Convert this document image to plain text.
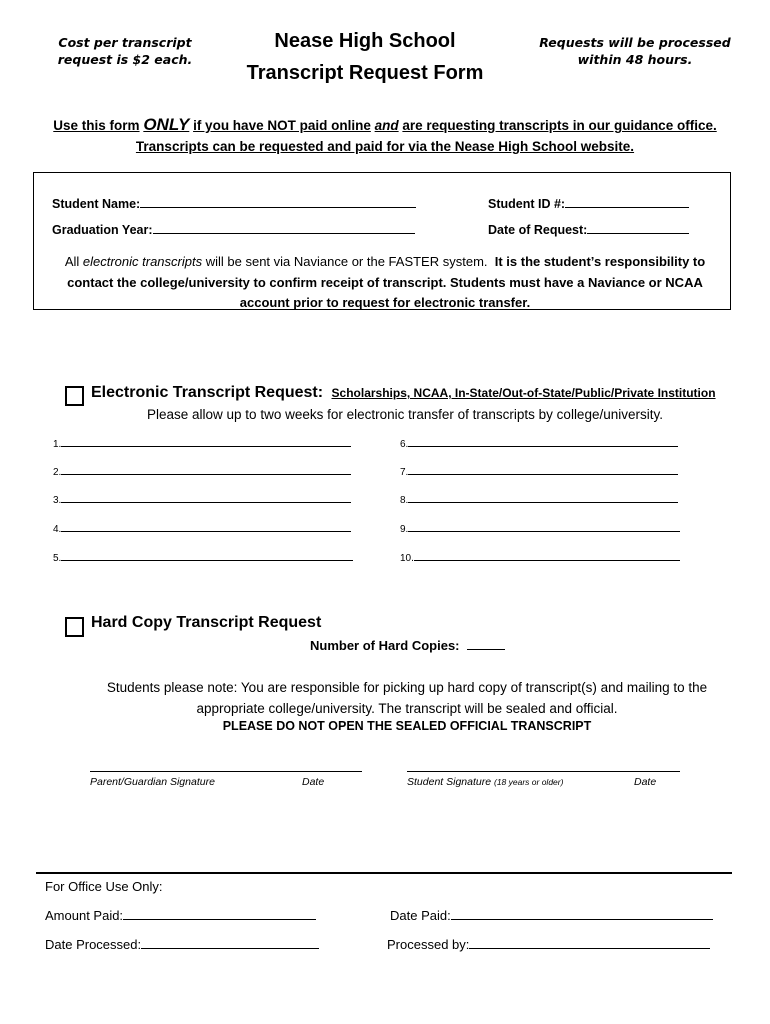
Cost per transcript request is $2 each.
Nease High School
Transcript Request Form
Requests will be processed within 48 hours.
Use this form ONLY if you have NOT paid online and are requesting transcripts in our guidance office.
Transcripts can be requested and paid for via the Nease High School website.
Student Name:	Student ID #:
Graduation Year:	Date of Request:
All electronic transcripts will be sent via Naviance or the FASTER system. It is the student’s responsibility to
contact the college/university to confirm receipt of transcript. Students must have a Naviance or NCAA
account prior to request for electronic transfer.
Electronic Transcript Request: Scholarships, NCAA, In-State/Out-of-State/Public/Private Institution
Please allow up to two weeks for electronic transfer of transcripts by college/university.
1.
2.
3.
4.
5.
6.
7.
8.
9.
10.
Hard Copy Transcript Request
Number of Hard Copies:
Students please note: You are responsible for picking up hard copy of transcript(s) and mailing to the
appropriate college/university. The transcript will be sealed and official.
PLEASE DO NOT OPEN THE SEALED OFFICIAL TRANSCRIPT
Parent/Guardian Signature	Date	Student Signature (18 years or older)	Date
For Office Use Only:
Amount Paid:	Date Paid:
Date Processed:	Processed by:
